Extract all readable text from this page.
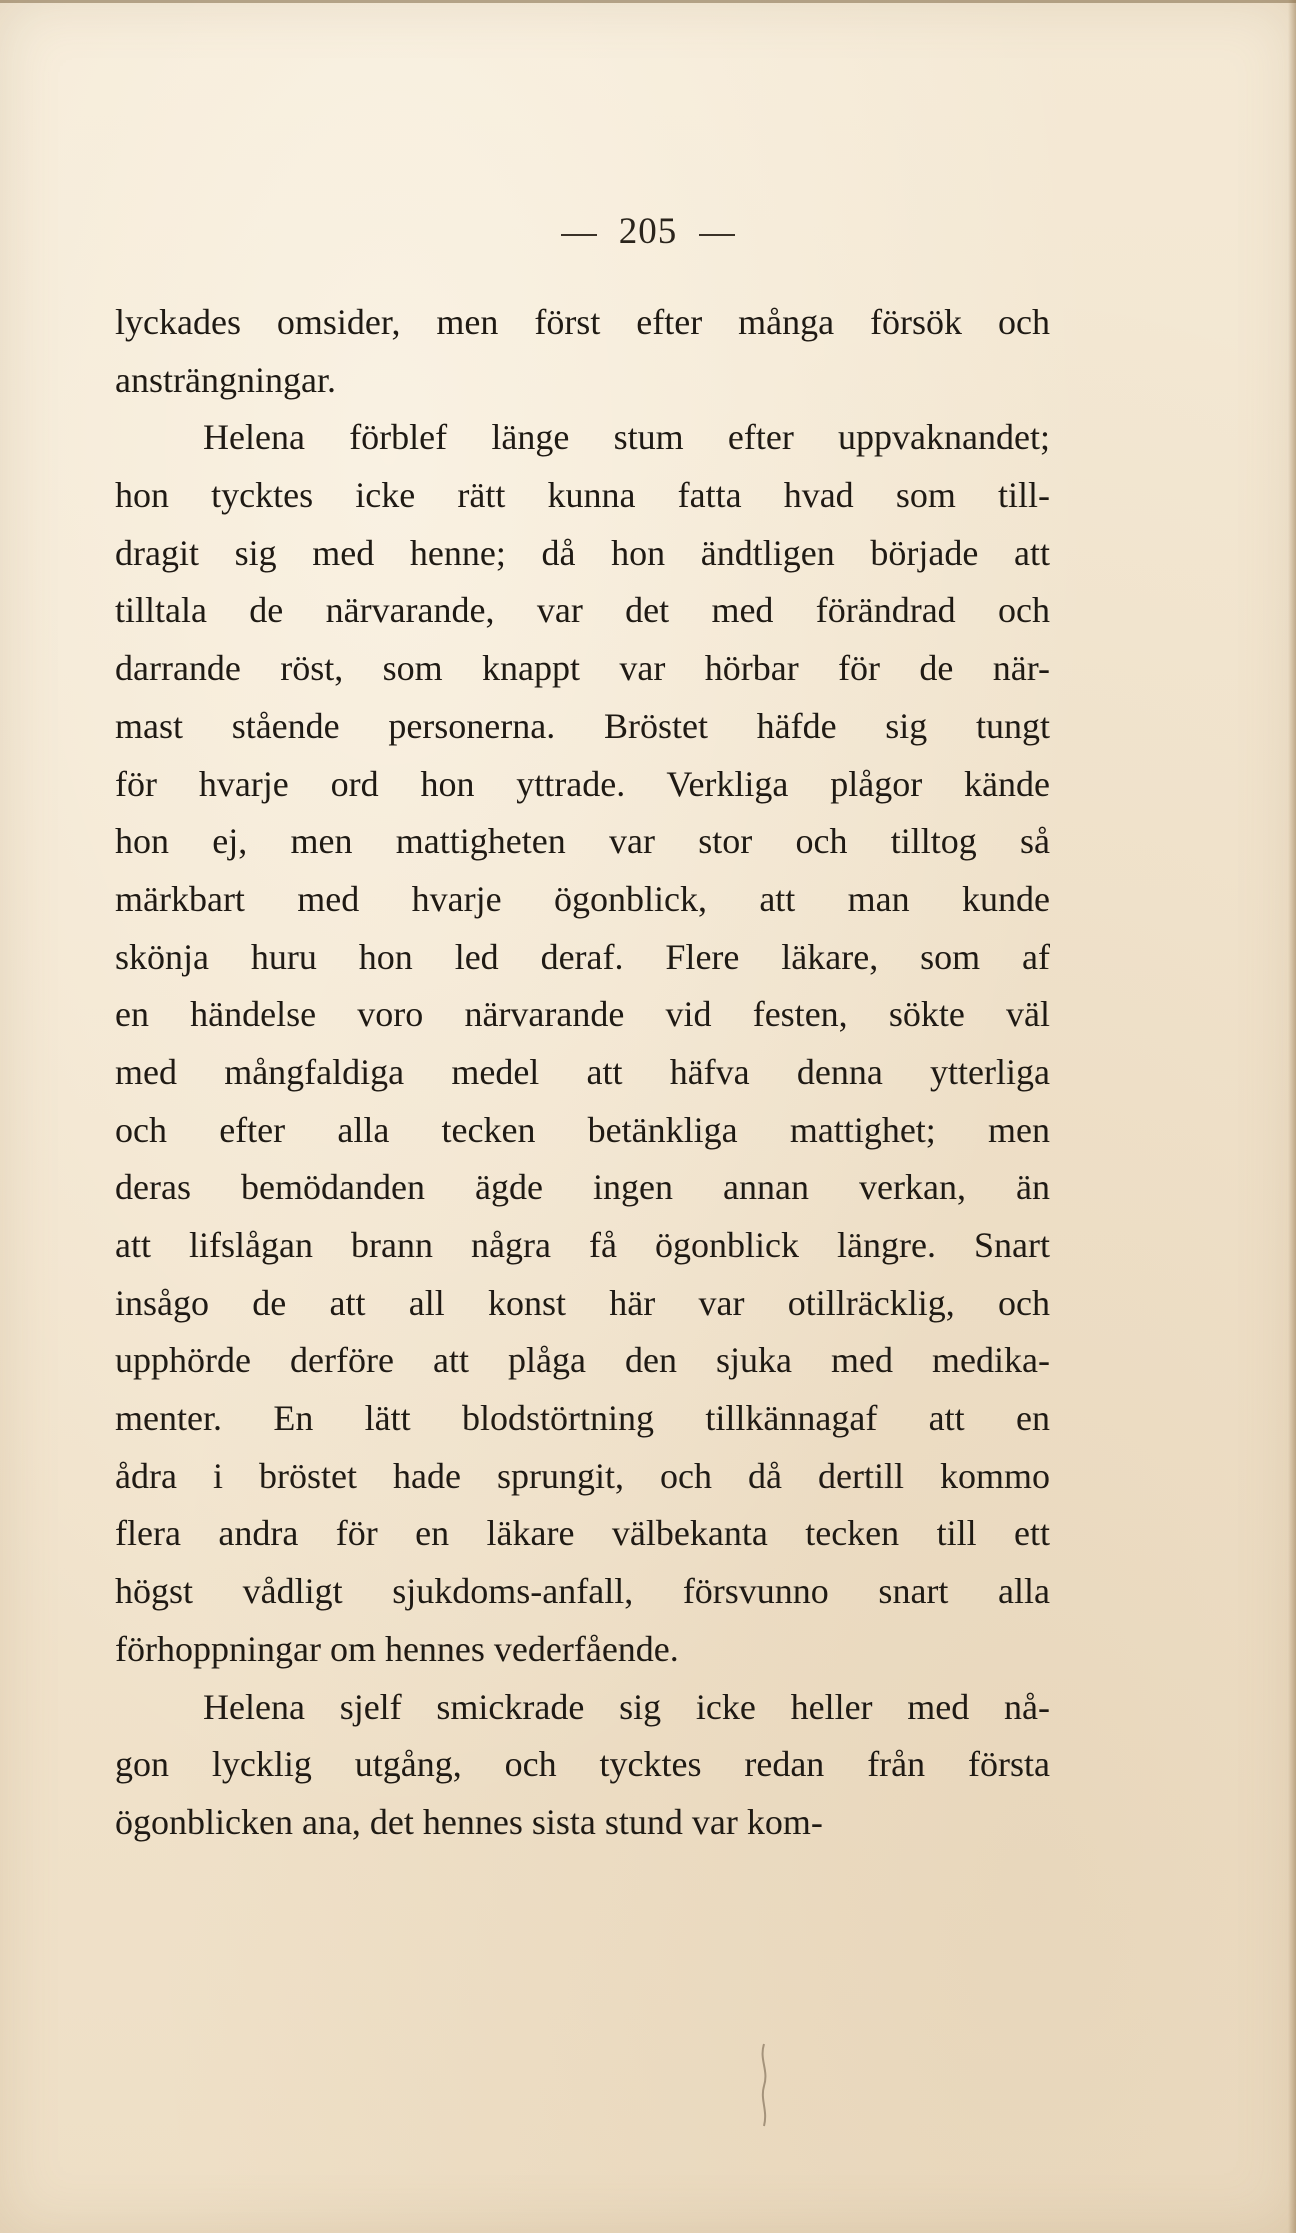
205
lyckades omsider, men först efter många försök och
ansträngningar.
Helena förblef länge stum efter uppvaknandet;
hon tycktes icke rätt kunna fatta hvad som till-
dragit sig med henne; då hon ändtligen började att
tilltala de närvarande, var det med förändrad och
darrande röst, som knappt var hörbar för de när-
mast stående personerna. Bröstet häfde sig tungt
för hvarje ord hon yttrade. Verkliga plågor kände
hon ej, men mattigheten var stor och tilltog så
märkbart med hvarje ögonblick, att man kunde
skönja huru hon led deraf. Flere läkare, som af
en händelse voro närvarande vid festen, sökte väl
med mångfaldiga medel att häfva denna ytterliga
och efter alla tecken betänkliga mattighet; men
deras bemödanden ägde ingen annan verkan, än
att lifslågan brann några få ögonblick längre. Snart
insågo de att all konst här var otillräcklig, och
upphörde derföre att plåga den sjuka med medika-
menter. En lätt blodstörtning tillkännagaf att en
ådra i bröstet hade sprungit, och då dertill kommo
flera andra för en läkare välbekanta tecken till ett
högst vådligt sjukdoms-anfall, försvunno snart alla
förhoppningar om hennes vederfående.
Helena sjelf smickrade sig icke heller med nå-
gon lycklig utgång, och tycktes redan från första
ögonblicken ana, det hennes sista stund var kom-
